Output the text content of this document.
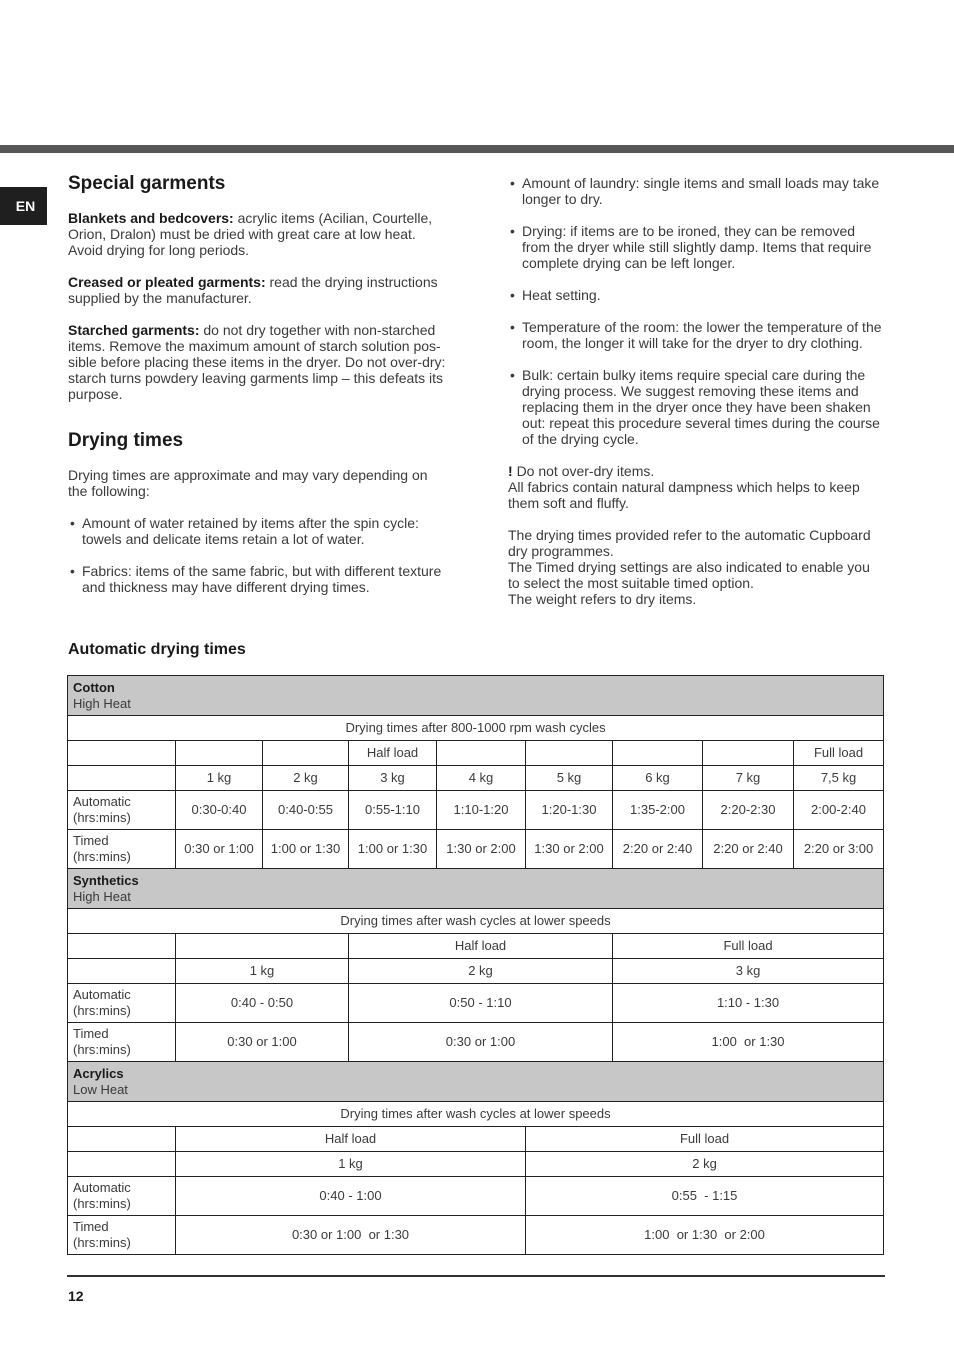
EN
Special garments

Blankets and bedcovers: acrylic items (Acilian, Courtelle,
Orion, Dralon) must be dried with great care at low heat.
Avoid drying for long periods.

Creased or pleated garments: read the drying instructions
supplied by the manufacturer.

Starched garments: do not dry together with non-starched
items. Remove the maximum amount of starch solution pos-
sible before placing these items in the dryer. Do not over-dry:
starch turns powdery leaving garments limp – this defeats its
purpose.

Drying times

Drying times are approximate and may vary depending on
the following:

• Amount of water retained by items after the spin cycle:
towels and delicate items retain a lot of water.
• Fabrics: items of the same fabric, but with different texture
and thickness may have different drying times.
• Amount of laundry: single items and small loads may take
longer to dry.
• Drying: if items are to be ironed, they can be removed
from the dryer while still slightly damp. Items that require
complete drying can be left longer.
• Heat setting.
• Temperature of the room: the lower the temperature of the
room, the longer it will take for the dryer to dry clothing.
• Bulk: certain bulky items require special care during the
drying process. We suggest removing these items and
replacing them in the dryer once they have been shaken
out: repeat this procedure several times during the course
of the drying cycle.

! Do not over-dry items.
All fabrics contain natural dampness which helps to keep
them soft and fluffy.

The drying times provided refer to the automatic Cupboard
dry programmes.
The Timed drying settings are also indicated to enable you
to select the most suitable timed option.
The weight refers to dry items.

Automatic drying times
Cotton
High Heat								

Drying times after 800-1000 rpm wash cycles								
			Half load					Full load
	1 kg	2 kg	3 kg	4 kg	5 kg	6 kg	7 kg	7,5 kg
Automatic
(hrs:mins)	0:30-0:40	0:40-0:55	0:55-1:10	1:10-1:20	1:20-1:30	1:35-2:00	2:20-2:30	2:00-2:40
Timed
(hrs:mins)	0:30 or 1:00	1:00 or 1:30	1:00 or 1:30	1:30 or 2:00	1:30 or 2:00	2:20 or 2:40	2:20 or 2:40	2:20 or 3:00

Synthetics
High Heat								

Drying times after wash cycles at lower speeds								
			Half load			Full load		
	1 kg		2 kg			3 kg		
Automatic
(hrs:mins)	0:40 - 0:50		0:50 - 1:10			1:10 - 1:30		
Timed
(hrs:mins)	0:30 or 1:00		0:30 or 1:00			1:00  or 1:30		

Acrylics
Low Heat								

Drying times after wash cycles at lower speeds								
	Half load				Full load			
	1 kg				2 kg			
Automatic
(hrs:mins)	0:40 - 1:00				0:55  - 1:15			
Timed
(hrs:mins)	0:30 or 1:00  or 1:30				1:00  or 1:30  or 2:00			
12
